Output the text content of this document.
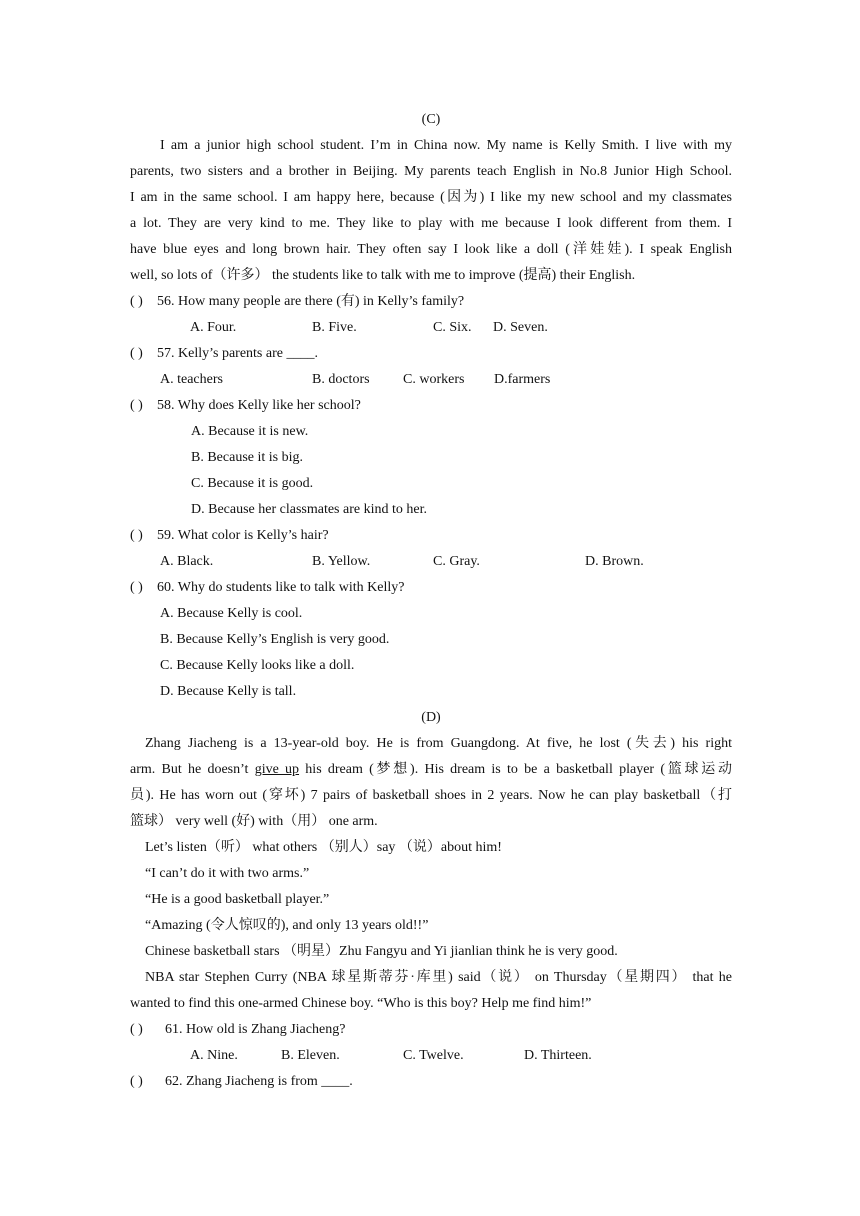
(C)
I am a junior high school student. I’m in China now. My name is Kelly Smith. I live with my
parents, two sisters and a brother in Beijing. My parents teach English in No.8 Junior High School.
I am in the same school. I am happy here, because (因为) I like my new school and my classmates
a lot. They are very kind to me. They like to play with me because I look different from them. I
have blue eyes and long brown hair. They often say I look like a doll (洋娃娃). I speak English
well, so lots of（许多） the students like to talk with me to improve (提高) their English.
( ) 56. How many people are there (有) in Kelly’s family?
A. Four.	B. Five.	C. Six. D. Seven.
( ) 57. Kelly’s parents are ____.
A. teachers	B. doctors C. workers D.farmers
( ) 58. Why does Kelly like her school?
A. Because it is new.
B. Because it is big.
C. Because it is good.
D. Because her classmates are kind to her.
( ) 59. What color is Kelly’s hair?
A. Black.	B. Yellow.	C. Gray.	D. Brown.
( ) 60. Why do students like to talk with Kelly?
A. Because Kelly is cool.
B. Because Kelly’s English is very good.
C. Because Kelly looks like a doll.
D. Because Kelly is tall.
(D)
Zhang Jiacheng is a 13-year-old boy. He is from Guangdong. At five, he lost (失去) his right
arm. But he doesn’t give up his dream (梦想). His dream is to be a basketball player (篮球运动
员). He has worn out (穿坏) 7 pairs of basketball shoes in 2 years. Now he can play basketball（打
篮球） very well (好) with（用） one arm.
Let’s listen（听） what others （别人）say （说）about him!
“I can’t do it with two arms.”
“He is a good basketball player.”
“Amazing (令人惊叹的), and only 13 years old!!”
Chinese basketball stars （明星）Zhu Fangyu and Yi jianlian think he is very good.
NBA star Stephen Curry (NBA 球星斯蒂芬·库里) said（说） on Thursday（星期四） that he
wanted to find this one-armed Chinese boy. “Who is this boy? Help me find him!”
( ) 61. How old is Zhang Jiacheng?
A. Nine.	B. Eleven.	C. Twelve.	D. Thirteen.
( ) 62. Zhang Jiacheng is from ____.
